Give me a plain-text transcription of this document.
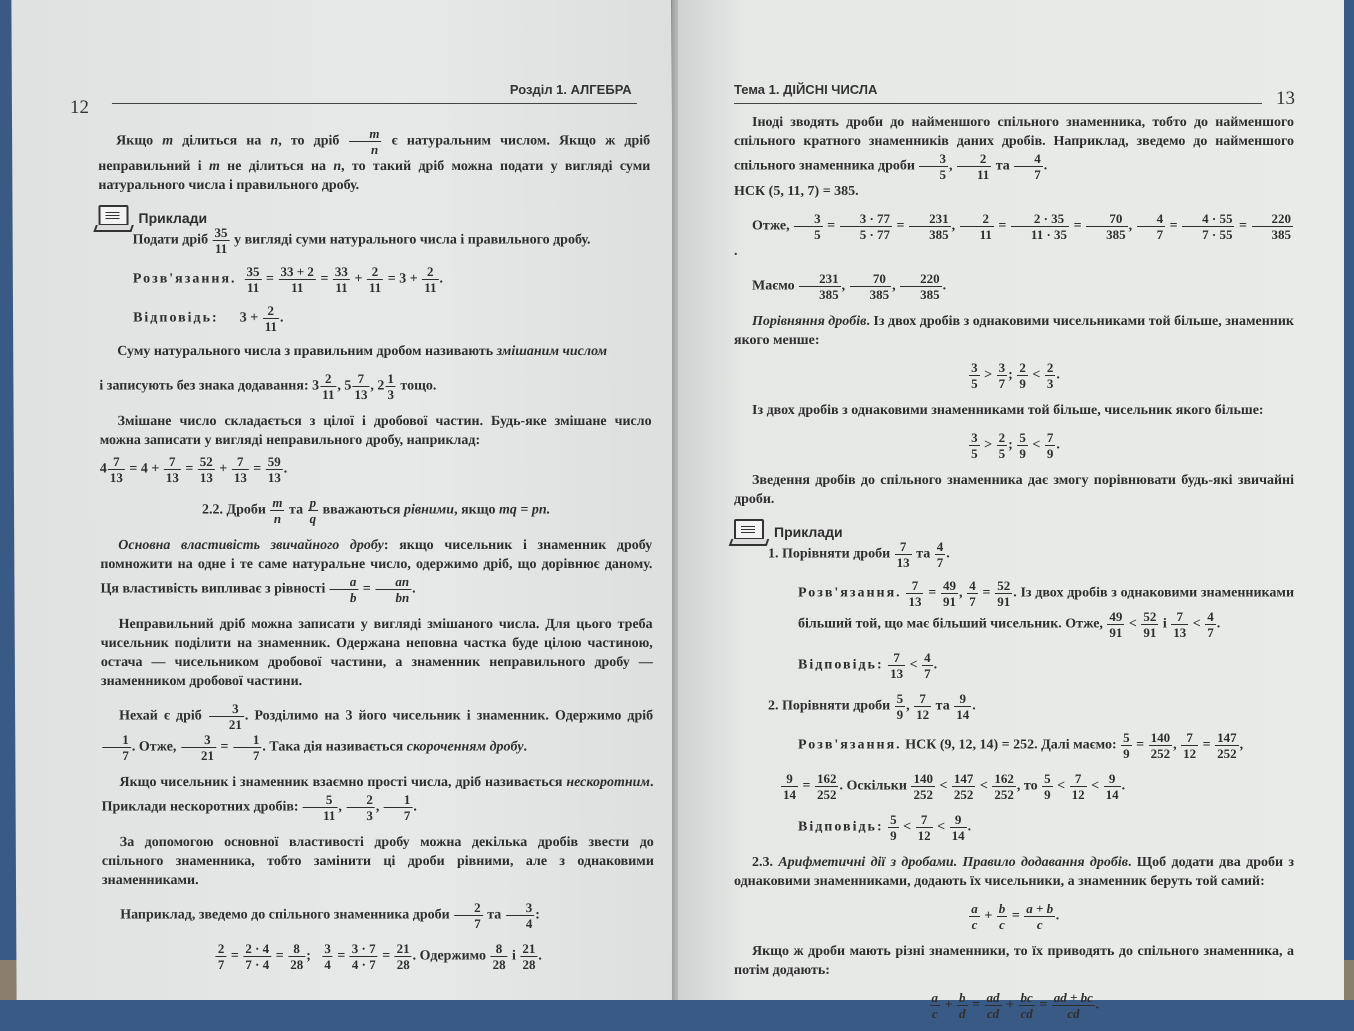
12
Розділ 1. АЛГЕБРА

Якщо m ділиться на n, то дріб $\frac{m}{n}$ є натуральним числом. Якщо ж дріб неправильний і m не ділиться на n, то такий дріб можна подати у вигляді суми натурального числа і правильного дробу.

Приклади
Подати дріб $\frac{35}{11}$ у вигляді суми натурального числа і правильного дробу.
Розв'язання. $\frac{35}{11} = \frac{33 + 2}{11} = \frac{33}{11} + \frac{2}{11} = 3 + \frac{2}{11}$ .
Відповідь:      $3 + \frac{2}{11}$ .

Суму натурального числа з правильним дробом називають змішаним числом

і записують без знака додавання: $3 \frac{2}{11}$ , $5 \frac{7}{13}$ , $2 \frac{1}{3}$ тощо.

Змішане число складається з цілої і дробової частин. Будь-яке змішане число можна записати у вигляді неправильного дробу, наприклад:

$4 \frac{7}{13} = 4 + \frac{7}{13} = \frac{52}{13} + \frac{7}{13} = \frac{59}{13}$ .

2.2. Дроби $\frac{m}{n}$ та $\frac{p}{q}$ вважаються рівними, якщо mq = pn.

Основна властивість звичайного дробу: якщо чисельник і знаменник дробу помножити на одне і те саме натуральне число, одержимо дріб, що дорівнює даному. Ця властивість випливає з рівності $\frac{a}{b} = \frac{an}{bn}$ .

Неправильний дріб можна записати у вигляді змішаного числа. Для цього треба чисельник поділити на знаменник. Одержана неповна частка буде цілою частиною, остача — чисельником дробової частини, а знаменник неправильного дробу — знаменником дробової частини.

Нехай є дріб $\frac{3}{21}$ . Розділимо на 3 його чисельник і знаменник. Одержимо дріб
$\frac{1}{7}$ . Отже, $\frac{3}{21} = \frac{1}{7}$ . Така дія називається скороченням дробу.

Якщо чисельник і знаменник взаємно прості числа, дріб називається нескоротним. Приклади нескоротних дробів: $\frac{5}{11}$ , $\frac{2}{3}$ , $\frac{1}{7}$ .

За допомогою основної властивості дробу можна декілька дробів звести до спільного знаменника, тобто замінити ці дроби рівними, але з однаковими знаменниками.

Наприклад, зведемо до спільного знаменника дроби $\frac{2}{7}$ та $\frac{3}{4}$ :

$\frac{2}{7} = \frac{2 \cdot 4}{7 \cdot 4} = \frac{8}{28}$ ; $\frac{3}{4} = \frac{3 \cdot 7}{4 \cdot 7} = \frac{21}{28}$ . Одержимо $\frac{8}{28}$ і $\frac{21}{28}$ .

Тема 1. ДІЙСНІ ЧИСЛА	13

Іноді зводять дроби до найменшого спільного знаменника, тобто до найменшого спільного кратного знаменників даних дробів. Наприклад, зведемо до найменшого спільного знаменника дроби $\frac{3}{5}$ , $\frac{2}{11}$ та $\frac{4}{7}$ .
НСК (5, 11, 7) = 385.

Отже, $\frac{3}{5} = \frac{3 \cdot 77}{5 \cdot 77} = \frac{231}{385}$ , $\frac{2}{11} = \frac{2 \cdot 35}{11 \cdot 35} = \frac{70}{385}$ , $\frac{4}{7} = \frac{4 \cdot 55}{7 \cdot 55} = \frac{220}{385}$
.

Маємо $\frac{231}{385}$ , $\frac{70}{385}$ , $\frac{220}{385}$ .

Порівняння дробів. Із двох дробів з однаковими чисельниками той більше, знаменник якого менше:

$\frac{3}{5} > \frac{3}{7}$ ; $\frac{2}{9} < \frac{2}{3}$ .

Із двох дробів з однаковими знаменниками той більше, чисельник якого більше:

$\frac{3}{5} > \frac{2}{5}$ ; $\frac{5}{9} < \frac{7}{9}$ .

Зведення дробів до спільного знаменника дає змогу порівнювати будь-які звичайні дроби.

Приклади
1. Порівняти дроби $\frac{7}{13}$ та $\frac{4}{7}$ .
Розв'язання. $\frac{7}{13} = \frac{49}{91}$ , $\frac{4}{7} = \frac{52}{91}$ . Із двох дробів з однаковими знаменниками більший той, що має більший чисельник. Отже, $\frac{49}{91} < \frac{52}{91}$ і $\frac{7}{13} < \frac{4}{7}$ .
Відповідь: $\frac{7}{13} < \frac{4}{7}$ .
2. Порівняти дроби $\frac{5}{9}$ , $\frac{7}{12}$ та $\frac{9}{14}$ .
Розв'язання. НСК (9, 12, 14) = 252. Далі маємо: $\frac{5}{9} = \frac{140}{252}$ , $\frac{7}{12} = \frac{147}{252}$ ,
$\frac{9}{14} = \frac{162}{252}$ . Оскільки $\frac{140}{252} < \frac{147}{252} < \frac{162}{252}$ , то $\frac{5}{9} < \frac{7}{12} < \frac{9}{14}$ .
Відповідь: $\frac{5}{9} < \frac{7}{12} < \frac{9}{14}$ .

2.3. Арифметичні дії з дробами. Правило додавання дробів. Щоб додати два дроби з однаковими знаменниками, додають їх чисельники, а знаменник беруть той самий:

$\frac{a}{c} + \frac{b}{c} = \frac{a + b}{c}$ .

Якщо ж дроби мають різні знаменники, то їх приводять до спільного знаменника, а потім додають:

$\frac{a}{c} + \frac{b}{d} = \frac{ad}{cd} + \frac{bc}{cd} = \frac{ad + bc}{cd}$ .
